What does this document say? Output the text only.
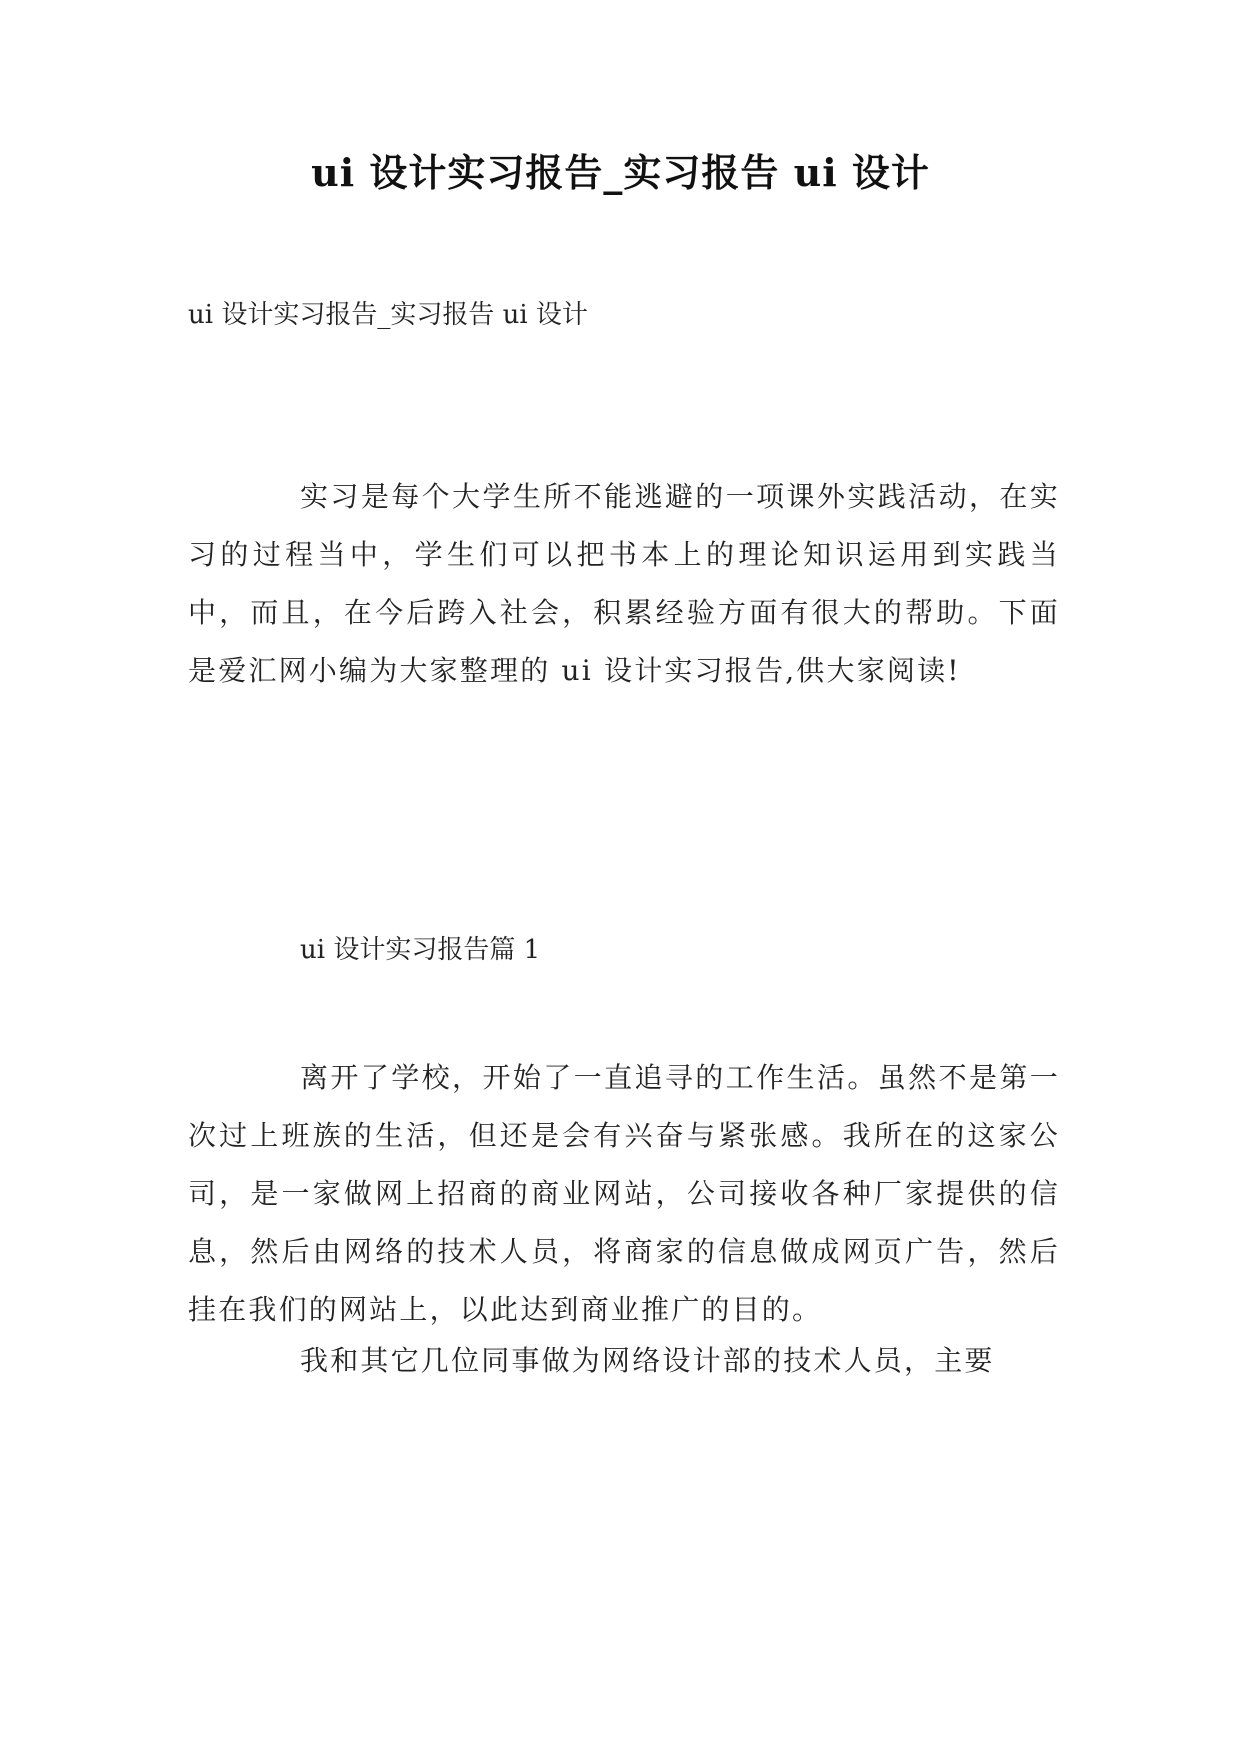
ui 设计实习报告_实习报告 ui 设计
ui 设计实习报告_实习报告 ui 设计

实习是每个大学生所不能逃避的一项课外实践活动，在实习的过程当中，学生们可以把书本上的理论知识运用到实践当中，而且，在今后跨入社会，积累经验方面有很大的帮助。下面是爱汇网小编为大家整理的 ui 设计实习报告,供大家阅读!

ui 设计实习报告篇 1

离开了学校，开始了一直追寻的工作生活。虽然不是第一次过上班族的生活，但还是会有兴奋与紧张感。我所在的这家公司，是一家做网上招商的商业网站，公司接收各种厂家提供的信息，然后由网络的技术人员，将商家的信息做成网页广告，然后挂在我们的网站上，以此达到商业推广的目的。

我和其它几位同事做为网络设计部的技术人员，主要
